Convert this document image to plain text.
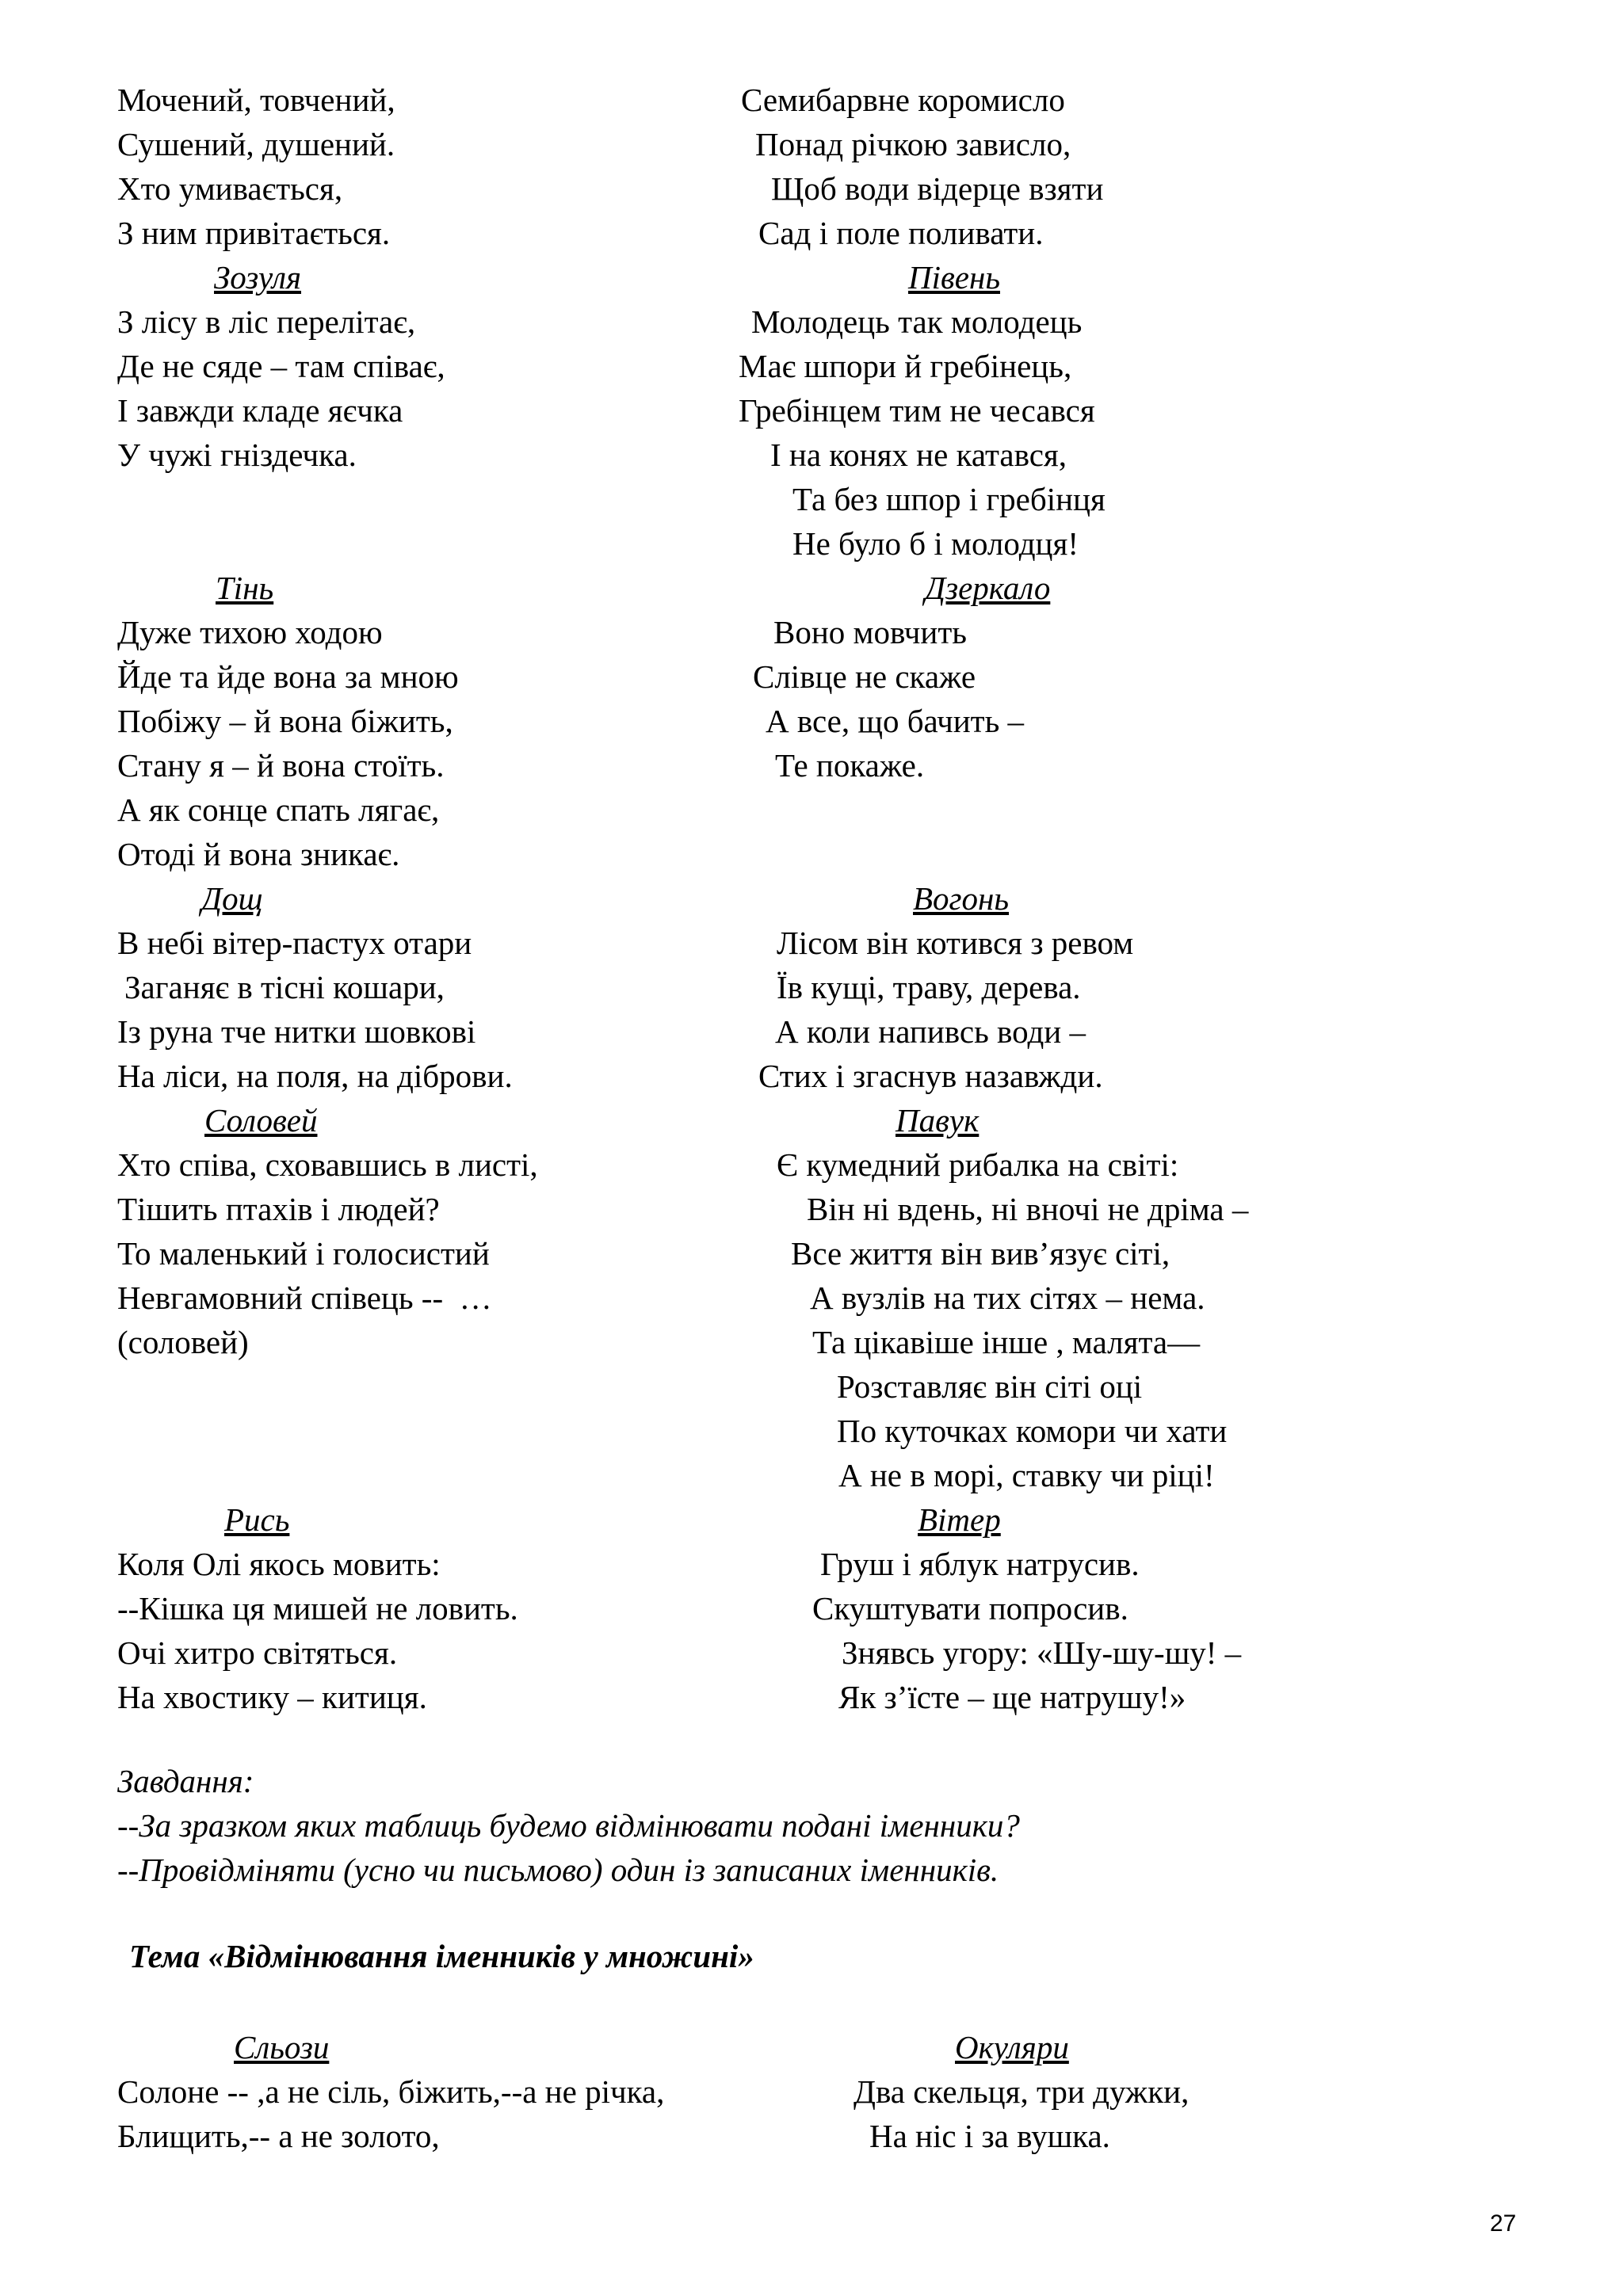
Мочений, товчений,
Сушений, душений.
Хто умивається,
З ним привітається.
Семибарвне коромисло
Понад річкою зависло,
Щоб води відерце взяти
Сад і поле поливати.
Зозуля
З лісу в ліс перелітає,
Де не сяде – там співає,
І завжди кладе яєчка
У чужі гніздечка.
Півень
Молодець так молодець
Має шпори й гребінець,
Гребінцем тим не чесався
І на конях не катався,
Та без шпор і гребінця
Не було б і молодця!
Тінь
Дуже тихою ходою
Йде та йде вона за мною
Побіжу – й вона біжить,
Стану я – й вона стоїть.
А як сонце спать лягає,
Отоді й вона зникає.
Дзеркало
Воно мовчить
Слівце не скаже
А все, що бачить –
Те покаже.
Дощ
В небі вітер-пастух отари
Заганяє в тісні кошари,
Із руна тче нитки шовкові
На ліси, на поля, на діброви.
Вогонь
Лісом він котився з ревом
Їв кущі, траву, дерева.
А коли напивсь води –
Стих і згаснув назавжди.
Соловей
Хто співа, сховавшись в листі,
Тішить птахів і людей?
То маленький і голосистий
Невгамовний співець --  …
(соловей)
Павук
Є кумедний рибалка на світі:
Він ні вдень, ні вночі не дріма –
Все життя він вив’язує сіті,
А вузлів на тих сітях – нема.
Та цікавіше інше , малята—
Розставляє він сіті оці
По куточках комори чи хати
А не в морі, ставку чи ріці!
Рись
Коля Олі якось мовить:
--Кішка ця мишей не ловить.
Очі хитро світяться.
На хвостику – китиця.
Вітер
Груш і яблук натрусив.
Скуштувати попросив.
Знявсь угору: «Шу-шу-шу! –
Як з’їсте – ще натрушу!»
Завдання:
--За зразком яких таблиць будемо відмінювати подані іменники?
--Провідміняти (усно чи письмово) один із записаних іменників.
Тема «Відмінювання іменників у множині»
Сльози
Солоне -- ,а не сіль, біжить,--а не річка,
Блищить,-- а не золото,
Окуляри
Два скельця, три дужки,
На ніс і за вушка.
27
